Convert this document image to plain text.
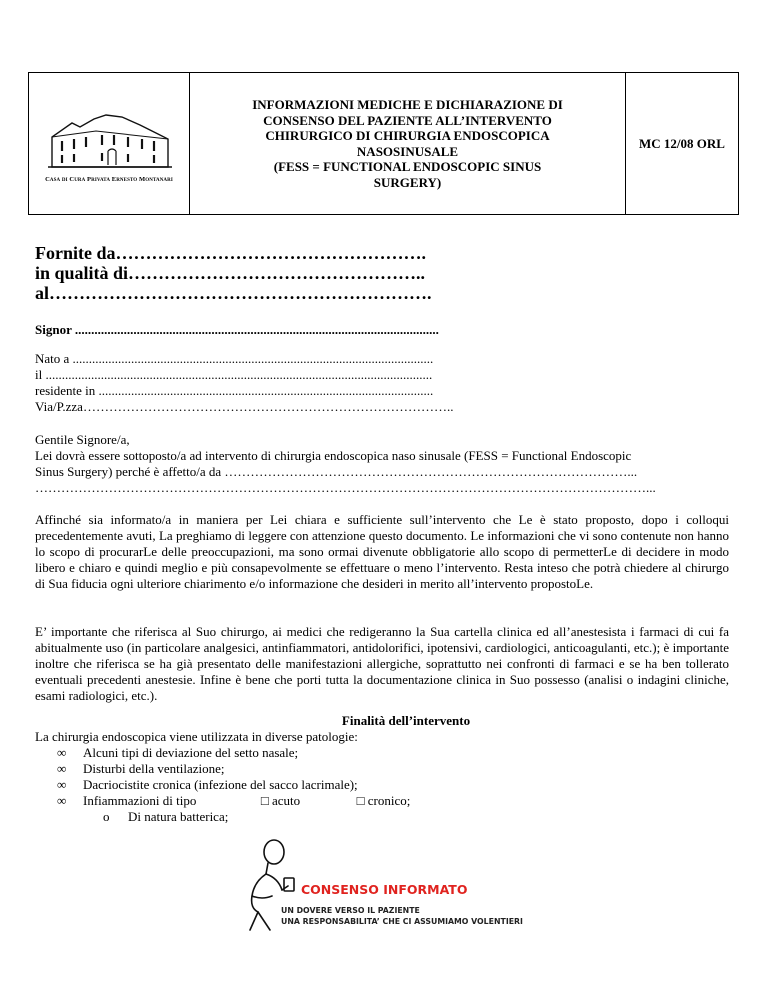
Casa di Cura Privata Ernesto Montanari
INFORMAZIONI MEDICHE E DICHIARAZIONE DI
CONSENSO DEL PAZIENTE ALL’INTERVENTO
CHIRURGICO DI CHIRURGIA ENDOSCOPICA
NASOSINUSALE
(FESS = FUNCTIONAL ENDOSCOPIC SINUS
SURGERY)
MC 12/08 ORL
Fornite da…………………………………………….
in qualità di…………………………………………..
al……………………………………………………….
Signor ................................................................................................................
Nato a ...............................................................................................................
il .......................................................................................................................
residente in .......................................................................................................
Via/P.zza…………………………………………………………………………..
Gentile Signore/a,
Lei dovrà essere sottoposto/a ad intervento di chirurgia endoscopica naso sinusale (FESS = Functional Endoscopic
Sinus Surgery) perché è affetto/a da …………………………………………………………………………………...
……………………………………………………………………………………………………………………………...
Affinché sia informato/a in maniera per Lei chiara e sufficiente sull’intervento che Le è stato proposto, dopo i colloqui precedentemente avuti, La preghiamo di leggere con attenzione questo documento. Le informazioni che vi sono contenute non hanno lo scopo di procurarLe delle preoccupazioni, ma sono ormai divenute obbligatorie allo scopo di permetterLe di decidere in modo libero e chiaro e quindi meglio e più consapevolmente se effettuare o meno l’intervento. Resta inteso che potrà chiedere al chirurgo di Sua fiducia ogni ulteriore chiarimento e/o informazione che desideri in merito all’intervento propostoLe.
E’ importante che riferisca al Suo chirurgo, ai medici che redigeranno la Sua cartella clinica ed all’anestesista i farmaci di cui fa abitualmente uso (in particolare analgesici, antinfiammatori, antidolorifici, ipotensivi, cardiologici, anticoagulanti, etc.); è importante inoltre che riferisca se ha già presentato delle manifestazioni allergiche, soprattutto nei confronti di farmaci e se ha ben tollerato eventuali precedenti anestesie. Infine è bene che porti tutta la documentazione clinica in Suo possesso (analisi o indagini cliniche, esami radiologici, etc.).
Finalità dell’intervento
La chirurgia endoscopica viene utilizzata in diverse patologie:
∞ Alcuni tipi di deviazione del setto nasale;
∞ Disturbi della ventilazione;
∞ Dacriocistite cronica (infezione del sacco lacrimale);
∞ Infiammazioni di tipo	□ acuto	□ cronico;
o Di natura batterica;
CONSENSO INFORMATO
UN DOVERE VERSO IL PAZIENTE
UNA RESPONSABILITA’ CHE CI ASSUMIAMO VOLENTIERI
